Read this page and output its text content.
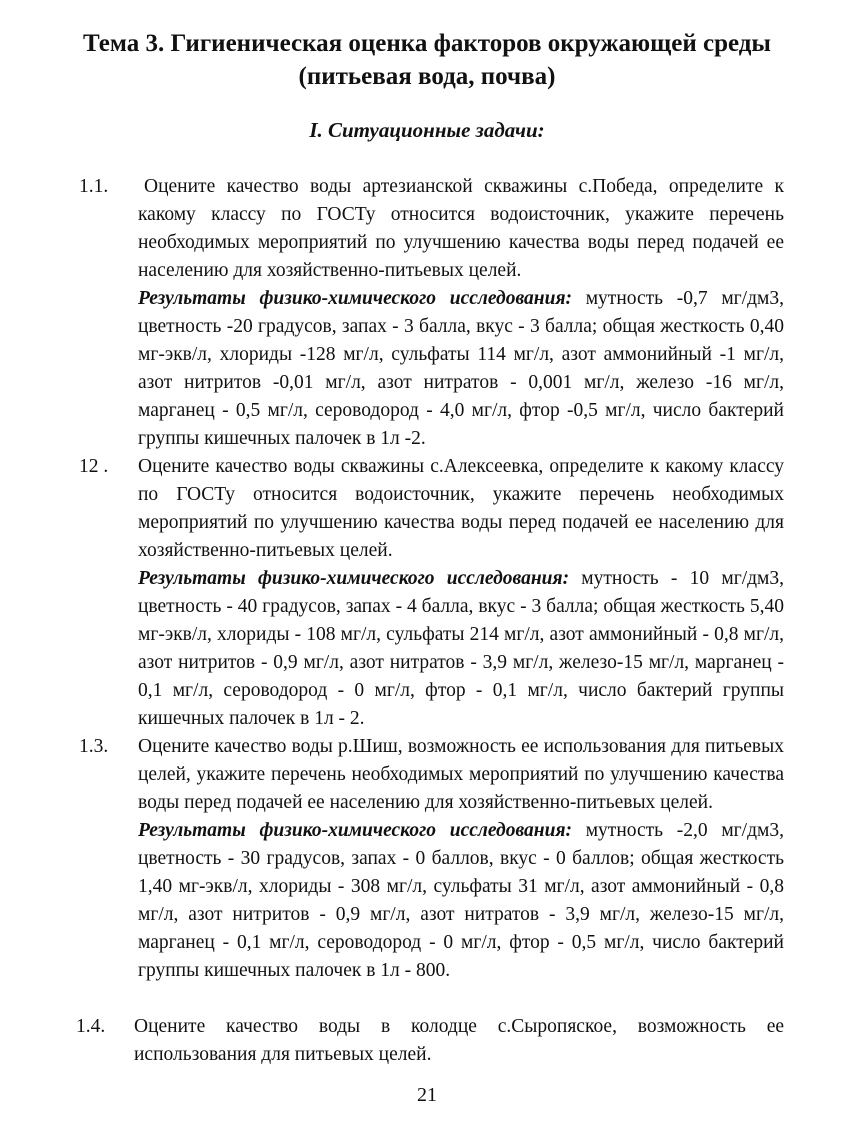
Тема 3. Гигиеническая оценка факторов окружающей среды (питьевая вода, почва)
I. Ситуационные задачи:
1.1.	Оцените качество воды артезианской скважины с.Победа, определите к какому классу по ГОСТу относится водоисточник, укажите перечень необходимых мероприятий по улучшению качества воды перед подачей ее населению для хозяйственно-питьевых целей.

Результаты физико-химического исследования: мутность -0,7 мг/дм3, цветность -20 градусов, запах - 3 балла, вкус - 3 балла; общая жесткость 0,40 мг-экв/л, хлориды -128 мг/л, сульфаты 114 мг/л, азот аммонийный -1 мг/л, азот нитритов -0,01 мг/л, азот нитратов - 0,001 мг/л, железо -16 мг/л, марганец - 0,5 мг/л, сероводород - 4,0 мг/л, фтор -0,5 мг/л, число бактерий группы кишечных палочек в 1л -2.

12 . Оцените качество воды скважины с.Алексеевка, определите к какому классу по ГОСТу относится водоисточник, укажите перечень необходимых мероприятий по улучшению качества воды перед подачей ее населению для хозяйственно-питьевых целей.

Результаты физико-химического исследования: мутность - 10 мг/дм3, цветность - 40 градусов, запах - 4 балла, вкус - 3 балла; общая жесткость 5,40 мг-экв/л, хлориды - 108 мг/л, сульфаты 214 мг/л, азот аммонийный - 0,8 мг/л, азот нитритов - 0,9 мг/л, азот нитратов - 3,9 мг/л, железо-15 мг/л, марганец - 0,1 мг/л, сероводород - 0 мг/л, фтор - 0,1 мг/л, число бактерий группы кишечных палочек в 1л - 2.

1.3. Оцените качество воды р.Шиш, возможность ее использования для питьевых целей, укажите перечень необходимых мероприятий по улучшению качества воды перед подачей ее населению для хозяйственно-питьевых целей.

Результаты физико-химического исследования: мутность -2,0 мг/дм3, цветность - 30 градусов, запах - 0 баллов, вкус - 0 баллов; общая жесткость 1,40 мг-экв/л, хлориды - 308 мг/л, сульфаты 31 мг/л, азот аммонийный - 0,8 мг/л, азот нитритов - 0,9 мг/л, азот нитратов - 3,9 мг/л, железо-15 мг/л, марганец - 0,1 мг/л, сероводород - 0 мг/л, фтор - 0,5 мг/л, число бактерий группы кишечных палочек в 1л - 800.

1.4. Оцените качество воды в колодце с.Сыропяское, возможность ее использования для питьевых целей.

21
